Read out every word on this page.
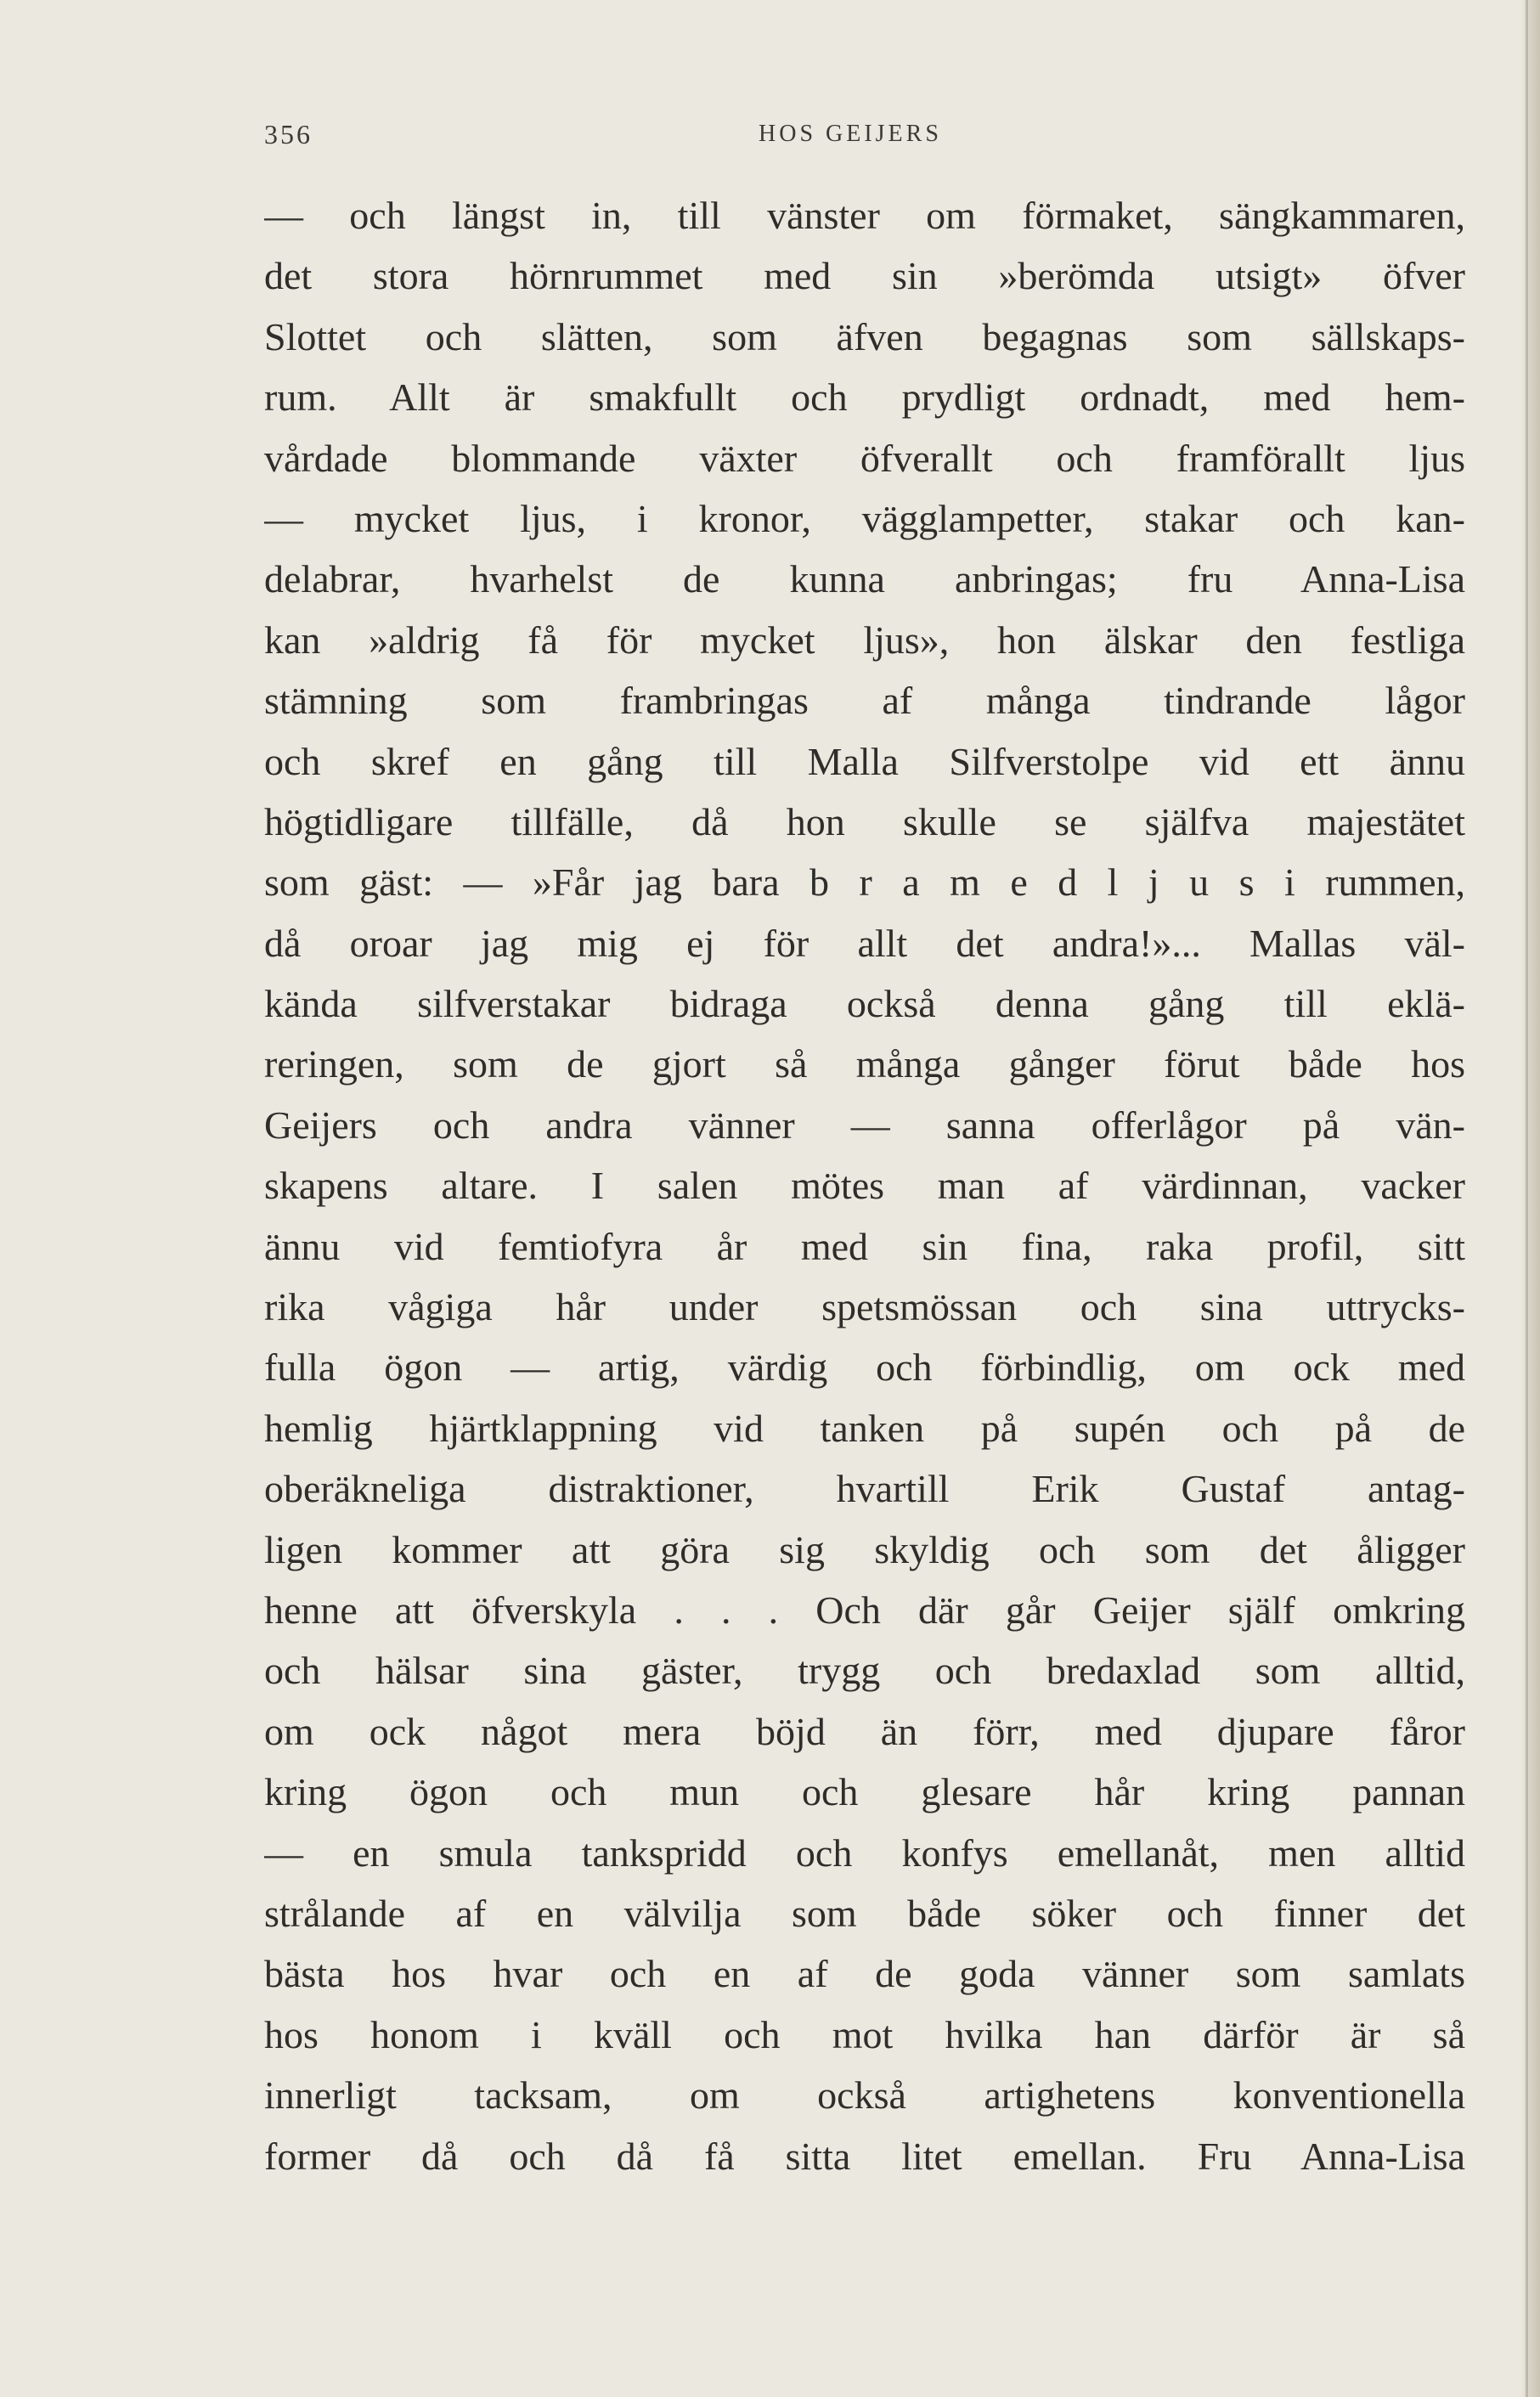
356	HOS GEIJERS
— och längst in, till vänster om förmaket, sängkammaren,
det stora hörnrummet med sin »berömda utsigt» öfver
Slottet och slätten, som äfven begagnas som sällskaps-
rum. Allt är smakfullt och prydligt ordnadt, med hem-
vårdade blommande växter öfverallt och framförallt ljus
— mycket ljus, i kronor, vägglampetter, stakar och kan-
delabrar, hvarhelst de kunna anbringas; fru Anna-Lisa
kan »aldrig få för mycket ljus», hon älskar den festliga
stämning som frambringas af många tindrande lågor
och skref en gång till Malla Silfverstolpe vid ett ännu
högtidligare tillfälle, då hon skulle se själfva majestätet
som gäst: — »Får jag bara b r a m e d l j u s i rummen,
då oroar jag mig ej för allt det andra!»... Mallas väl-
kända silfverstakar bidraga också denna gång till eklä-
reringen, som de gjort så många gånger förut både hos
Geijers och andra vänner — sanna offerlågor på vän-
skapens altare. I salen mötes man af värdinnan, vacker
ännu vid femtiofyra år med sin fina, raka profil, sitt
rika vågiga hår under spetsmössan och sina uttrycks-
fulla ögon — artig, värdig och förbindlig, om ock med
hemlig hjärtklappning vid tanken på supén och på de
oberäkneliga distraktioner, hvartill Erik Gustaf antag-
ligen kommer att göra sig skyldig och som det åligger
henne att öfverskyla . . . Och där går Geijer själf omkring
och hälsar sina gäster, trygg och bredaxlad som alltid,
om ock något mera böjd än förr, med djupare fåror
kring ögon och mun och glesare hår kring pannan
— en smula tankspridd och konfys emellanåt, men alltid
strålande af en välvilja som både söker och finner det
bästa hos hvar och en af de goda vänner som samlats
hos honom i kväll och mot hvilka han därför är så
innerligt tacksam, om också artighetens konventionella
former då och då få sitta litet emellan. Fru Anna-Lisa
